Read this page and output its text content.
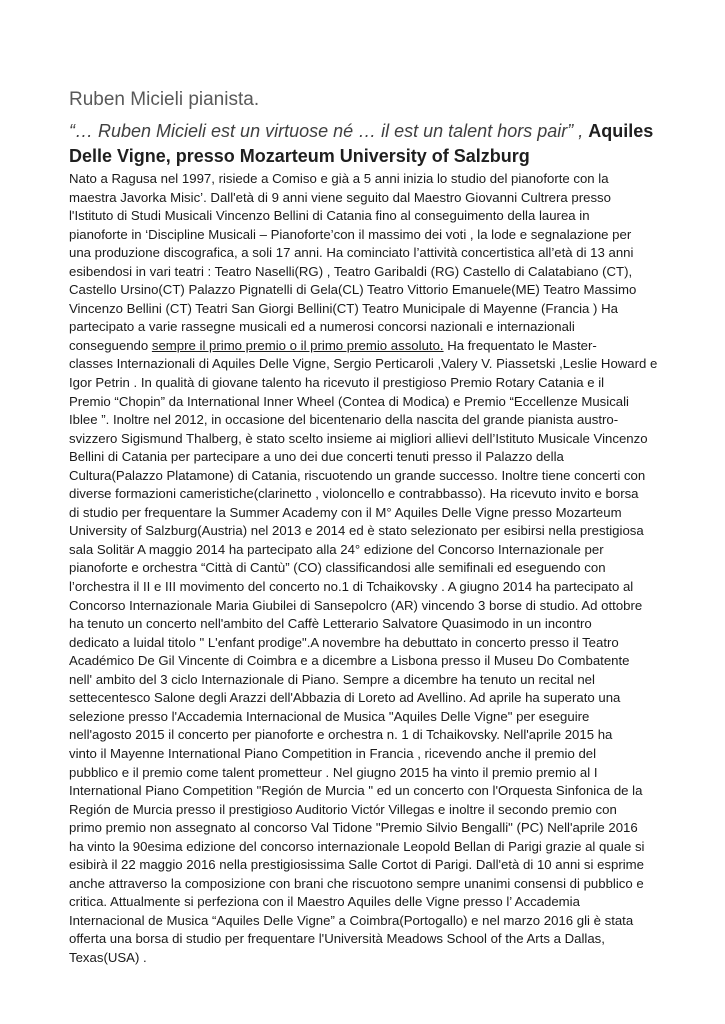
Ruben Micieli pianista.

“… Ruben Micieli est un virtuose né … il est un talent hors pair” , Aquiles Delle Vigne, presso Mozarteum University of Salzburg

Nato a Ragusa nel 1997, risiede a Comiso e già a 5 anni inizia lo studio del pianoforte con la
maestra Javorka Misic’. Dall'età di 9 anni viene seguito dal Maestro Giovanni Cultrera presso
l'Istituto di Studi Musicali Vincenzo Bellini di Catania fino al conseguimento della laurea in
pianoforte in ‘Discipline Musicali – Pianoforte’con il massimo dei voti , la lode e segnalazione per
una produzione discografica, a soli 17 anni. Ha cominciato l’attività concertistica all’età di 13 anni
esibendosi in vari teatri : Teatro Naselli(RG) , Teatro Garibaldi (RG) Castello di Calatabiano (CT),
Castello Ursino(CT) Palazzo Pignatelli di Gela(CL) Teatro Vittorio Emanuele(ME) Teatro Massimo
Vincenzo Bellini (CT) Teatri San Giorgi Bellini(CT) Teatro Municipale di Mayenne (Francia ) Ha
partecipato a varie rassegne musicali ed a numerosi concorsi nazionali e internazionali
conseguendo sempre il primo premio o il primo premio assoluto. Ha frequentato le Master-
classes Internazionali di Aquiles Delle Vigne, Sergio Perticaroli ,Valery V. Piassetski ,Leslie Howard e
Igor Petrin . In qualità di giovane talento ha ricevuto il prestigioso Premio Rotary Catania e il
Premio “Chopin” da International Inner Wheel (Contea di Modica) e Premio “Eccellenze Musicali
Iblee ”. Inoltre nel 2012, in occasione del bicentenario della nascita del grande pianista austro-
svizzero Sigismund Thalberg, è stato scelto insieme ai migliori allievi dell’Istituto Musicale Vincenzo
Bellini di Catania per partecipare a uno dei due concerti tenuti presso il Palazzo della
Cultura(Palazzo Platamone) di Catania, riscuotendo un grande successo. Inoltre tiene concerti con
diverse formazioni cameristiche(clarinetto , violoncello e contrabbasso). Ha ricevuto invito e borsa
di studio per frequentare la Summer Academy con il M° Aquiles Delle Vigne presso Mozarteum
University of Salzburg(Austria) nel 2013 e 2014 ed è stato selezionato per esibirsi nella prestigiosa
sala Solitär A maggio 2014 ha partecipato alla 24° edizione del Concorso Internazionale per
pianoforte e orchestra “Città di Cantù” (CO) classificandosi alle semifinali ed eseguendo con
l’orchestra il II e III movimento del concerto no.1 di Tchaikovsky . A giugno 2014 ha partecipato al
Concorso Internazionale Maria Giubilei di Sansepolcro (AR) vincendo 3 borse di studio. Ad ottobre
ha tenuto un concerto nell'ambito del Caffè Letterario Salvatore Quasimodo in un incontro
dedicato a luidal titolo " L'enfant prodige".A novembre ha debuttato in concerto presso il Teatro
Académico De Gil Vincente di Coimbra e a dicembre a Lisbona presso il Museu Do Combatente
nell' ambito del 3 ciclo Internazionale di Piano. Sempre a dicembre ha tenuto un recital nel
settecentesco Salone degli Arazzi dell'Abbazia di Loreto ad Avellino. Ad aprile ha superato una
selezione presso l'Accademia Internacional de Musica "Aquiles Delle Vigne" per eseguire
nell'agosto 2015 il concerto per pianoforte e orchestra n. 1 di Tchaikovsky. Nell'aprile 2015 ha
vinto il Mayenne International Piano Competition in Francia , ricevendo anche il premio del
pubblico e il premio come talent prometteur . Nel giugno 2015 ha vinto il premio premio al I
International Piano Competition "Región de Murcia " ed un concerto con l'Orquesta Sinfonica de la
Región de Murcia presso il prestigioso Auditorio Victór Villegas e inoltre il secondo premio con
primo premio non assegnato al concorso Val Tidone "Premio Silvio Bengalli" (PC) Nell'aprile 2016
ha vinto la 90esima edizione del concorso internazionale Leopold Bellan di Parigi grazie al quale si
esibirà il 22 maggio 2016 nella prestigiosissima Salle Cortot di Parigi. Dall'età di 10 anni si esprime
anche attraverso la composizione con brani che riscuotono sempre unanimi consensi di pubblico e
critica. Attualmente si perfeziona con il Maestro Aquiles delle Vigne presso l’ Accademia
Internacional de Musica “Aquiles Delle Vigne” a Coimbra(Portogallo) e nel marzo 2016 gli è stata
offerta una borsa di studio per frequentare l'Università Meadows School of the Arts a Dallas,
Texas(USA) .
